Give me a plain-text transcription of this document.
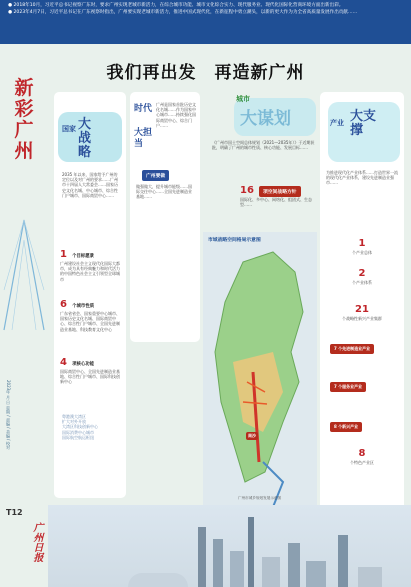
● 2018年10月，习近平总书记视察广东时，要求广州实现老城市新活力，在综合城市功能、城市文化综合实力、现代服务业、现代化国际化营商环境方面出新出彩。

● 2023年4月7日，习近平总书记在广东视察时指出，广州要实现老城市新活力，推进中国式现代化，在新征程中勇立潮头，以新的更大作为为全省高质量发展作出贡献……

我们再出发　再造新广州
新
彩
广
州
2023年 月 日 星期 / 责编 / 美编 / 校对
T12
广州日报
国家 大战略
2035 年以来，国家给予广州的定位以及对广州的要求……广州市十四届人大常委会……国家历史文化名城、中心城市、综合性门户城市、国际商贸中心……
1 个目标愿景
广州建设社会主义现代化国际大都市，成为具有经典魅力和时代活力的中国特色社会主义引领型全球城市
6 个城市性质
广东省省会、国家重要中心城市、国家历史文化名城、国际商贸中心、综合性门户城市、全国先进制造业基地、科技教育文化中心
4 项核心功能
国际商贸中心、全国先进制造业基地、综合性门户城市、国际科技创新中心
粤港澳大湾区
扩大对外开放
大湾区科技创新中心
国际消费中心城市
国际航空航运枢纽
时代
大担当
广州是国家首批历史文化名城……作为国家中心城市……持续强化国际商贸中心、综合门户……
广州要做
做强做大，提升城市能级……国际交往中心……全国先进制造业基地……
城市
大谋划
《广州市国土空间总体规划（2021—2035年）》于近期获批，明确了广州的城市性质、核心功能、发展目标……
16 项空间战略方针
国际化、多中心、网络化、组团式、生态型……
市域战略空间格局示意图
南沙
广州市城乡规划发展示意图
产业 大支撑
为推进现代化产业体系……打造世界一流的现代化产业体系，建设先进制造业强市……
1
个产业总体
2
个产业体系
21
个战略性新兴产业集群
7 个先进制造业产业
7 个服务业产业
8 个新兴产业
8
个特色产业区
